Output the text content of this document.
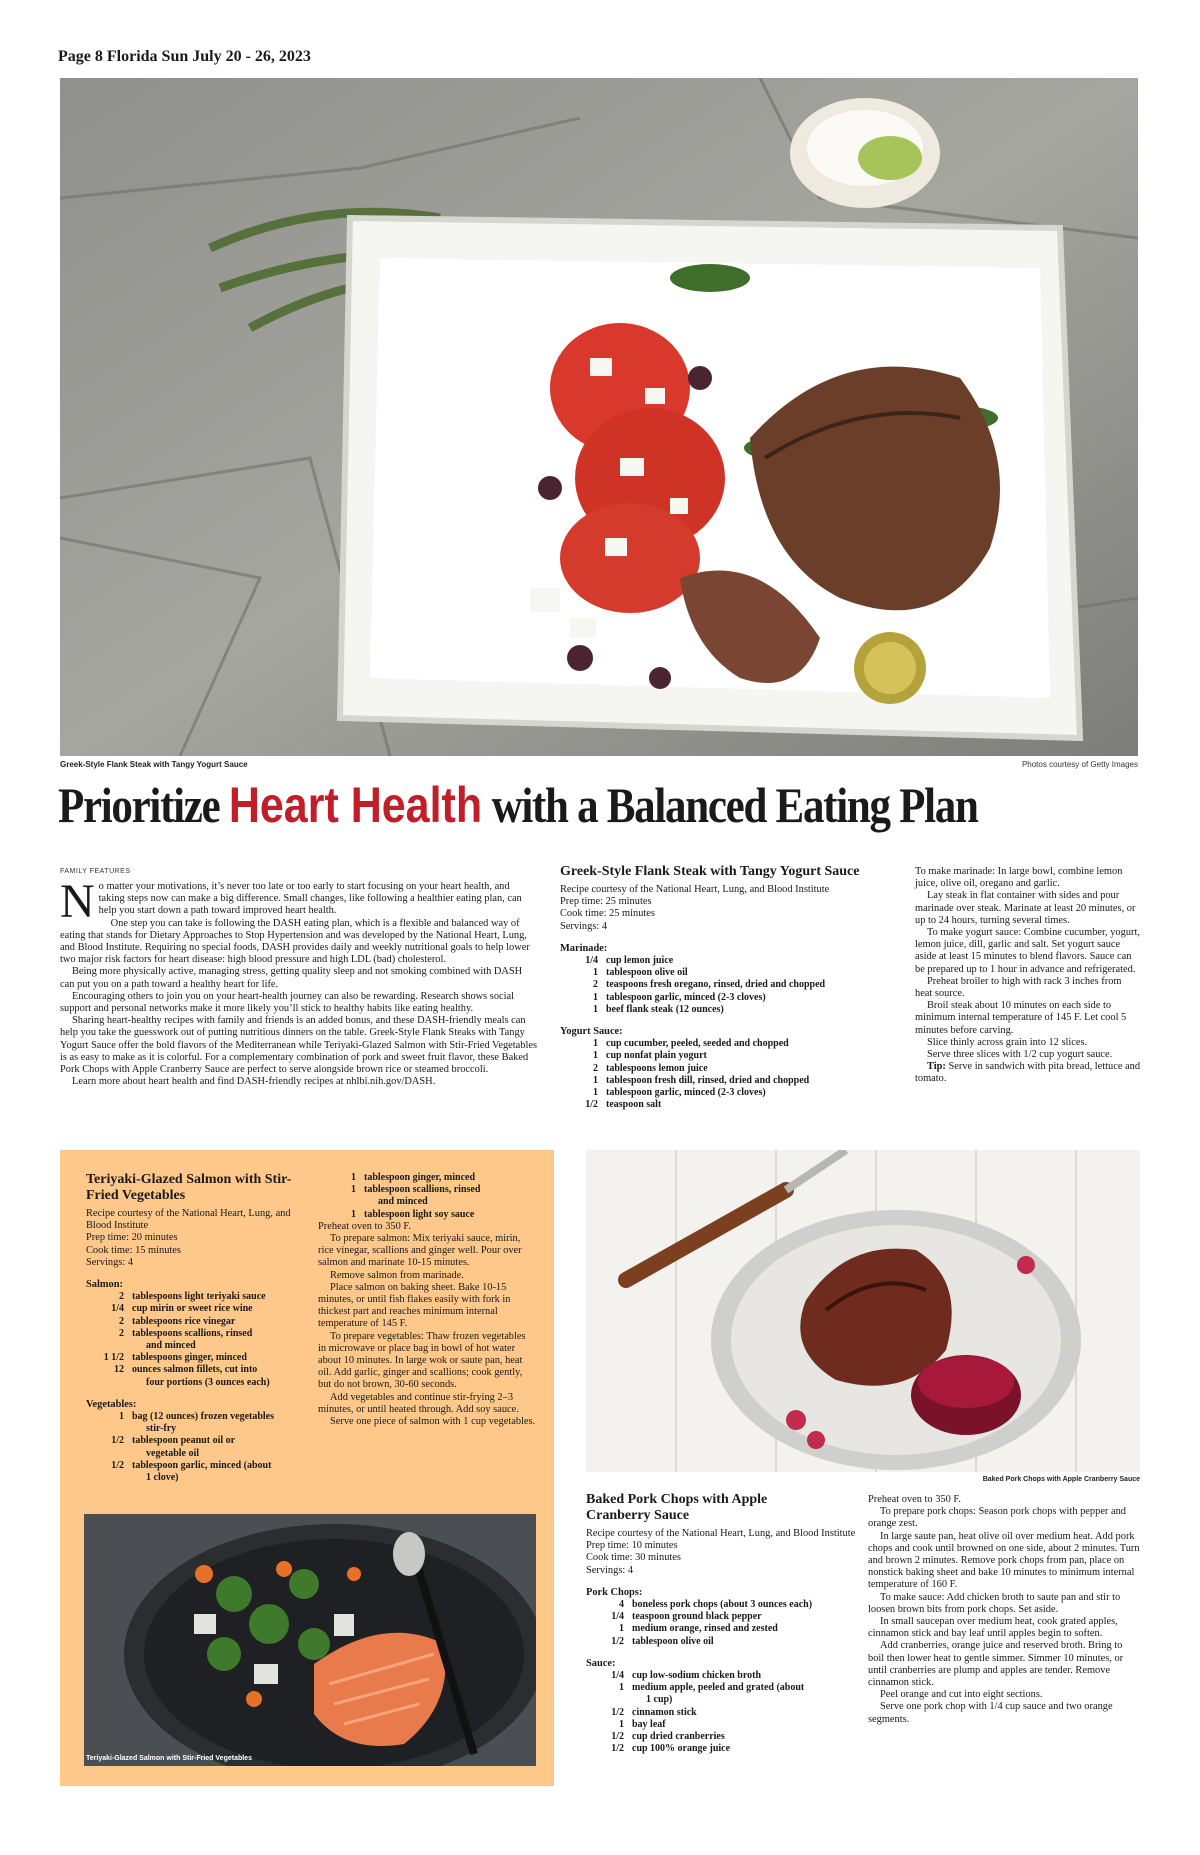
Page 8 Florida Sun July 20 - 26, 2023
Greek-Style Flank Steak with Tangy Yogurt Sauce	Photos courtesy of Getty Images
Prioritize Heart Health with a Balanced Eating Plan
FAMILY FEATURES

No matter your motivations, it’s never too late or too early to start focusing on your heart health, and taking steps now can make a big difference. Small changes, like following a healthier eating plan, can help you start down a path toward improved heart health.

One step you can take is following the DASH eating plan, which is a flexible and balanced way of eating that stands for Dietary Approaches to Stop Hypertension and was developed by the National Heart, Lung, and Blood Institute. Requiring no special foods, DASH provides daily and weekly nutritional goals to help lower two major risk factors for heart disease: high blood pressure and high LDL (bad) cholesterol.

Being more physically active, managing stress, getting quality sleep and not smoking combined with DASH can put you on a path toward a healthy heart for life.

Encouraging others to join you on your heart-health journey can also be rewarding. Research shows social support and personal networks make it more likely you’ll stick to healthy habits like eating healthy.

Sharing heart-healthy recipes with family and friends is an added bonus, and these DASH-friendly meals can help you take the guesswork out of putting nutritious dinners on the table. Greek-Style Flank Steaks with Tangy Yogurt Sauce offer the bold flavors of the Mediterranean while Teriyaki-Glazed Salmon with Stir-Fried Vegetables is as easy to make as it is colorful. For a complementary combination of pork and sweet fruit flavor, these Baked Pork Chops with Apple Cranberry Sauce are perfect to serve alongside brown rice or steamed broccoli.

Learn more about heart health and find DASH-friendly recipes at nhlbi.nih.gov/DASH.

Greek-Style Flank Steak with Tangy Yogurt Sauce
Recipe courtesy of the National Heart, Lung, and Blood Institute
Prep time: 25 minutes
Cook time: 25 minutes
Servings: 4
Marinade:
1/4 cup lemon juice
1 tablespoon olive oil
2 teaspoons fresh oregano, rinsed, dried and chopped
1 tablespoon garlic, minced (2-3 cloves)
1 beef flank steak (12 ounces)
Yogurt Sauce:
1 cup cucumber, peeled, seeded and chopped
1 cup nonfat plain yogurt
2 tablespoons lemon juice
1 tablespoon fresh dill, rinsed, dried and chopped
1 tablespoon garlic, minced (2-3 cloves)
1/2 teaspoon salt

To make marinade: In large bowl, combine lemon juice, olive oil, oregano and garlic.

Lay steak in flat container with sides and pour marinade over steak. Marinate at least 20 minutes, or up to 24 hours, turning several times.

To make yogurt sauce: Combine cucumber, yogurt, lemon juice, dill, garlic and salt. Set yogurt sauce aside at least 15 minutes to blend flavors. Sauce can be prepared up to 1 hour in advance and refrigerated.

Preheat broiler to high with rack 3 inches from heat source.

Broil steak about 10 minutes on each side to minimum internal temperature of 145 F. Let cool 5 minutes before carving.

Slice thinly across grain into 12 slices.

Serve three slices with 1/2 cup yogurt sauce.

Tip: Serve in sandwich with pita bread, lettuce and tomato.

Teriyaki-Glazed Salmon with Stir-Fried Vegetables
Recipe courtesy of the National Heart, Lung, and Blood Institute
Prep time: 20 minutes
Cook time: 15 minutes
Servings: 4
Salmon:
2 tablespoons light teriyaki sauce
1/4 cup mirin or sweet rice wine
2 tablespoons rice vinegar
2 tablespoons scallions, rinsed
and minced
1 1/2 tablespoons ginger, minced
12 ounces salmon fillets, cut into
four portions (3 ounces each)
Vegetables:
1 bag (12 ounces) frozen vegetables
stir-fry
1/2 tablespoon peanut oil or
vegetable oil
1/2 tablespoon garlic, minced (about
1 clove)
1 tablespoon ginger, minced
1 tablespoon scallions, rinsed
and minced
1 tablespoon light soy sauce

Preheat oven to 350 F.

To prepare salmon: Mix teriyaki sauce, mirin, rice vinegar, scallions and ginger well. Pour over salmon and marinate 10-15 minutes.

Remove salmon from marinade.

Place salmon on baking sheet. Bake 10-15 minutes, or until fish flakes easily with fork in thickest part and reaches minimum internal temperature of 145 F.

To prepare vegetables: Thaw frozen vegetables in microwave or place bag in bowl of hot water about 10 minutes. In large wok or saute pan, heat oil. Add garlic, ginger and scallions; cook gently, but do not brown, 30-60 seconds.

Add vegetables and continue stir-frying 2–3 minutes, or until heated through. Add soy sauce.

Serve one piece of salmon with 1 cup vegetables.

Teriyaki-Glazed Salmon with Stir-Fried Vegetables
Baked Pork Chops with Apple Cranberry Sauce
Baked Pork Chops with Apple Cranberry Sauce
Recipe courtesy of the National Heart, Lung, and Blood Institute
Prep time: 10 minutes
Cook time: 30 minutes
Servings: 4
Pork Chops:
4 boneless pork chops (about 3 ounces each)
1/4 teaspoon ground black pepper
1 medium orange, rinsed and zested
1/2 tablespoon olive oil
Sauce:
1/4 cup low-sodium chicken broth
1 medium apple, peeled and grated (about
1 cup)
1/2 cinnamon stick
1 bay leaf
1/2 cup dried cranberries
1/2 cup 100% orange juice

Preheat oven to 350 F.

To prepare pork chops: Season pork chops with pepper and orange zest.

In large saute pan, heat olive oil over medium heat. Add pork chops and cook until browned on one side, about 2 minutes. Turn and brown 2 minutes. Remove pork chops from pan, place on nonstick baking sheet and bake 10 minutes to minimum internal temperature of 160 F.

To make sauce: Add chicken broth to saute pan and stir to loosen brown bits from pork chops. Set aside.

In small saucepan over medium heat, cook grated apples, cinnamon stick and bay leaf until apples begin to soften.

Add cranberries, orange juice and reserved broth. Bring to boil then lower heat to gentle simmer. Simmer 10 minutes, or until cranberries are plump and apples are tender. Remove cinnamon stick.

Peel orange and cut into eight sections.

Serve one pork chop with 1/4 cup sauce and two orange segments.
